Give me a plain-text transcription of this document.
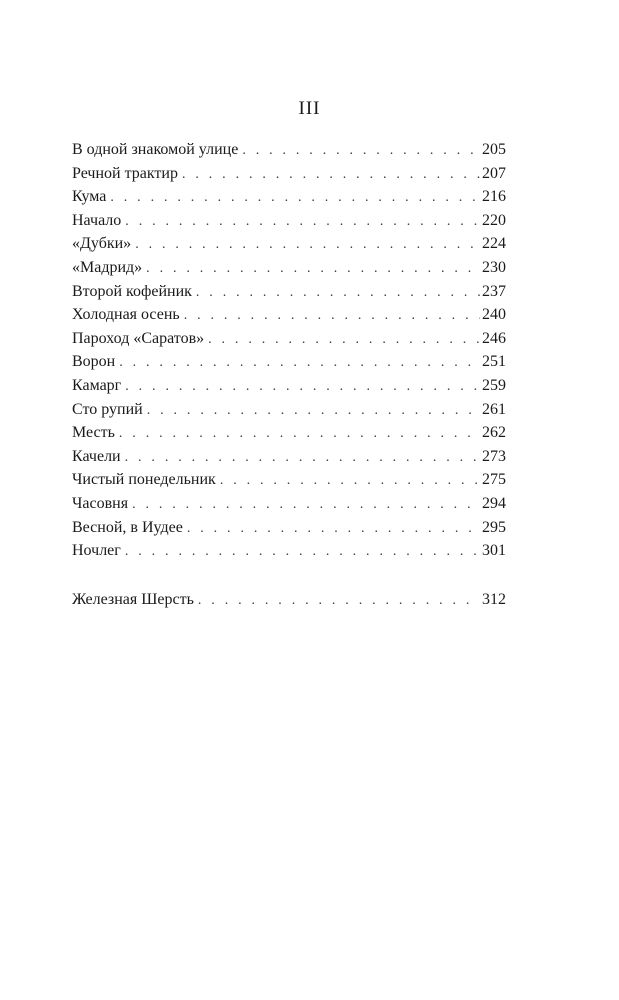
III
В одной знакомой улице . . .	205
Речной трактир . . .	207
Кума . . .	216
Начало . . .	220
«Дубки» . . .	224
«Мадрид» . . .	230
Второй кофейник . . .	237
Холодная осень . . .	240
Пароход «Саратов» . . .	246
Ворон . . .	251
Камарг . . .	259
Сто рупий . . .	261
Месть . . .	262
Качели . . .	273
Чистый понедельник . . .	275
Часовня . . .	294
Весной, в Иудее . . .	295
Ночлег . . .	301
Железная Шерсть . . .	312
